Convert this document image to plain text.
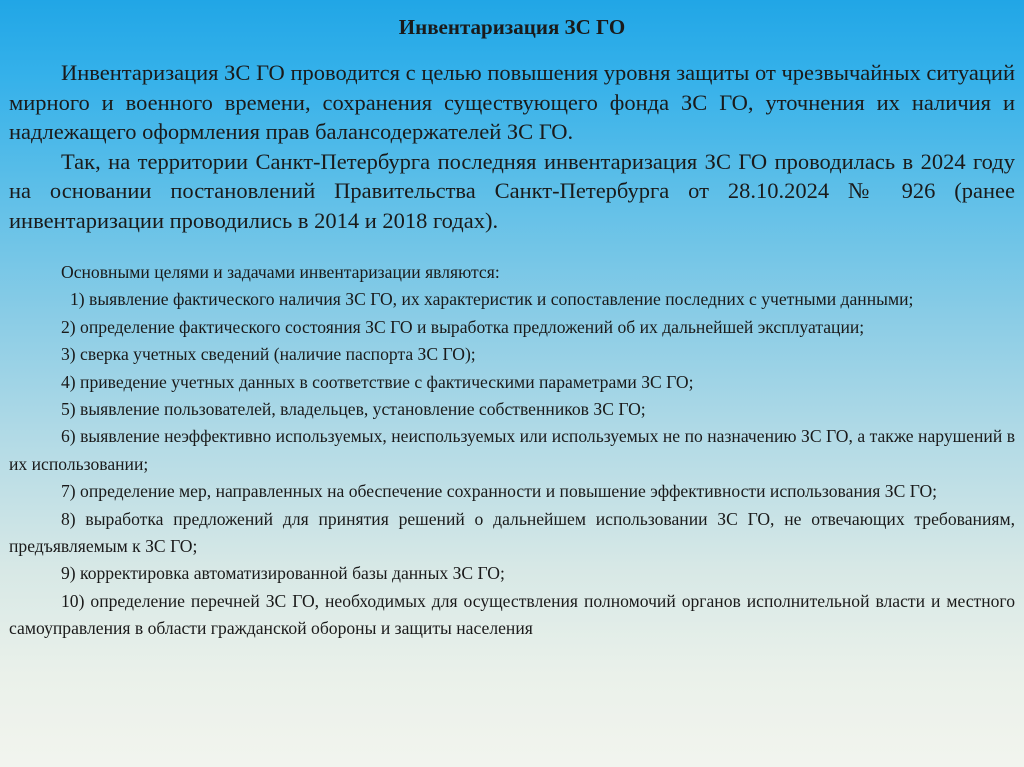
Инвентаризация ЗС ГО

Инвентаризация ЗС ГО проводится с целью повышения уровня защиты от чрезвычайных ситуаций мирного и военного времени, сохранения существующего фонда ЗС ГО, уточнения их наличия и надлежащего оформления прав балансодержателей ЗС ГО.

Так, на территории Санкт-Петербурга последняя инвентаризация ЗС ГО проводилась в 2024 году на основании постановлений Правительства Санкт-Петербурга от 28.10.2024 № 926 (ранее инвентаризации проводились в 2014 и 2018 годах).

Основными целями и задачами инвентаризации являются:

1) выявление фактического наличия ЗС ГО, их характеристик и сопоставление последних с учетными данными;

2) определение фактического состояния ЗС ГО и выработка предложений об их дальнейшей эксплуатации;

3) сверка учетных сведений (наличие паспорта ЗС ГО);

4) приведение учетных данных в соответствие с фактическими параметрами ЗС ГО;

5) выявление пользователей, владельцев, установление собственников ЗС ГО;

6) выявление неэффективно используемых, неиспользуемых или используемых не по назначению ЗС ГО, а также нарушений в их использовании;

7) определение мер, направленных на обеспечение сохранности и повышение эффективности использования ЗС ГО;

8) выработка предложений для принятия решений о дальнейшем использовании ЗС ГО, не отвечающих требованиям, предъявляемым к ЗС ГО;

9) корректировка автоматизированной базы данных ЗС ГО;

10) определение перечней ЗС ГО, необходимых для осуществления полномочий органов исполнительной власти и местного самоуправления в области гражданской обороны и защиты населения
